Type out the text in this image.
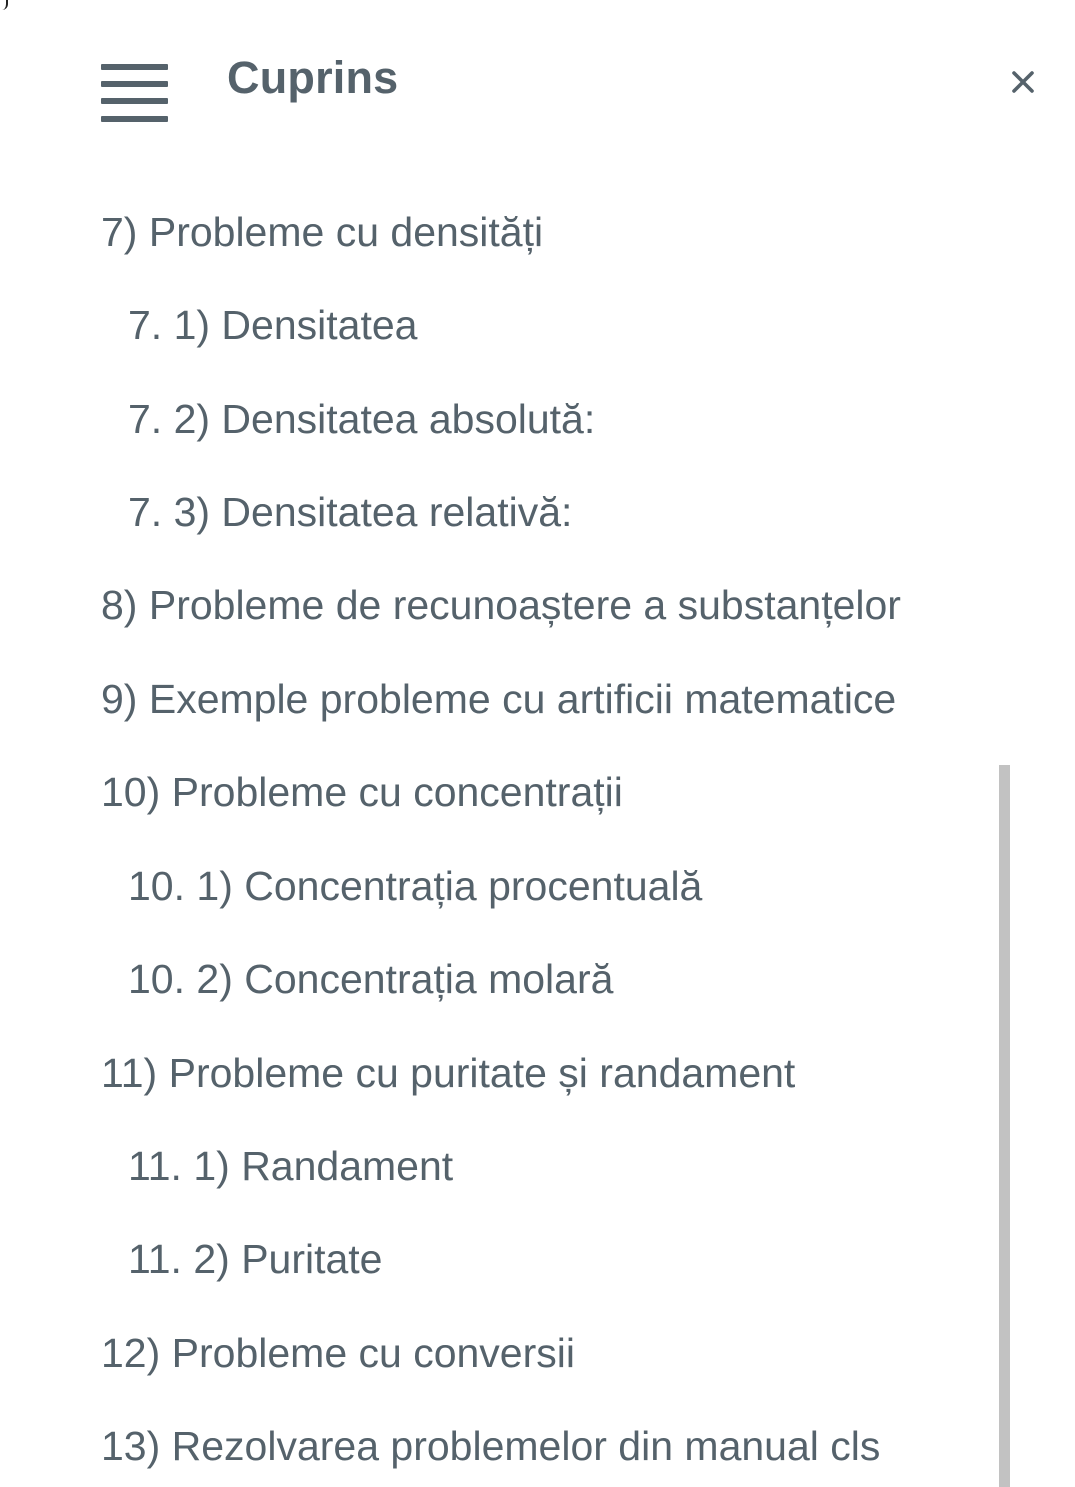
Cuprins
7) Probleme cu densități
7. 1) Densitatea
7. 2) Densitatea absolută:
7. 3) Densitatea relativă:
8) Probleme de recunoaștere a substanțelor
9) Exemple probleme cu artificii matematice
10) Probleme cu concentrații
10. 1) Concentrația procentuală
10. 2) Concentrația molară
11) Probleme cu puritate și randament
11. 1) Randament
11. 2) Puritate
12) Probleme cu conversii
13) Rezolvarea problemelor din manual cls
